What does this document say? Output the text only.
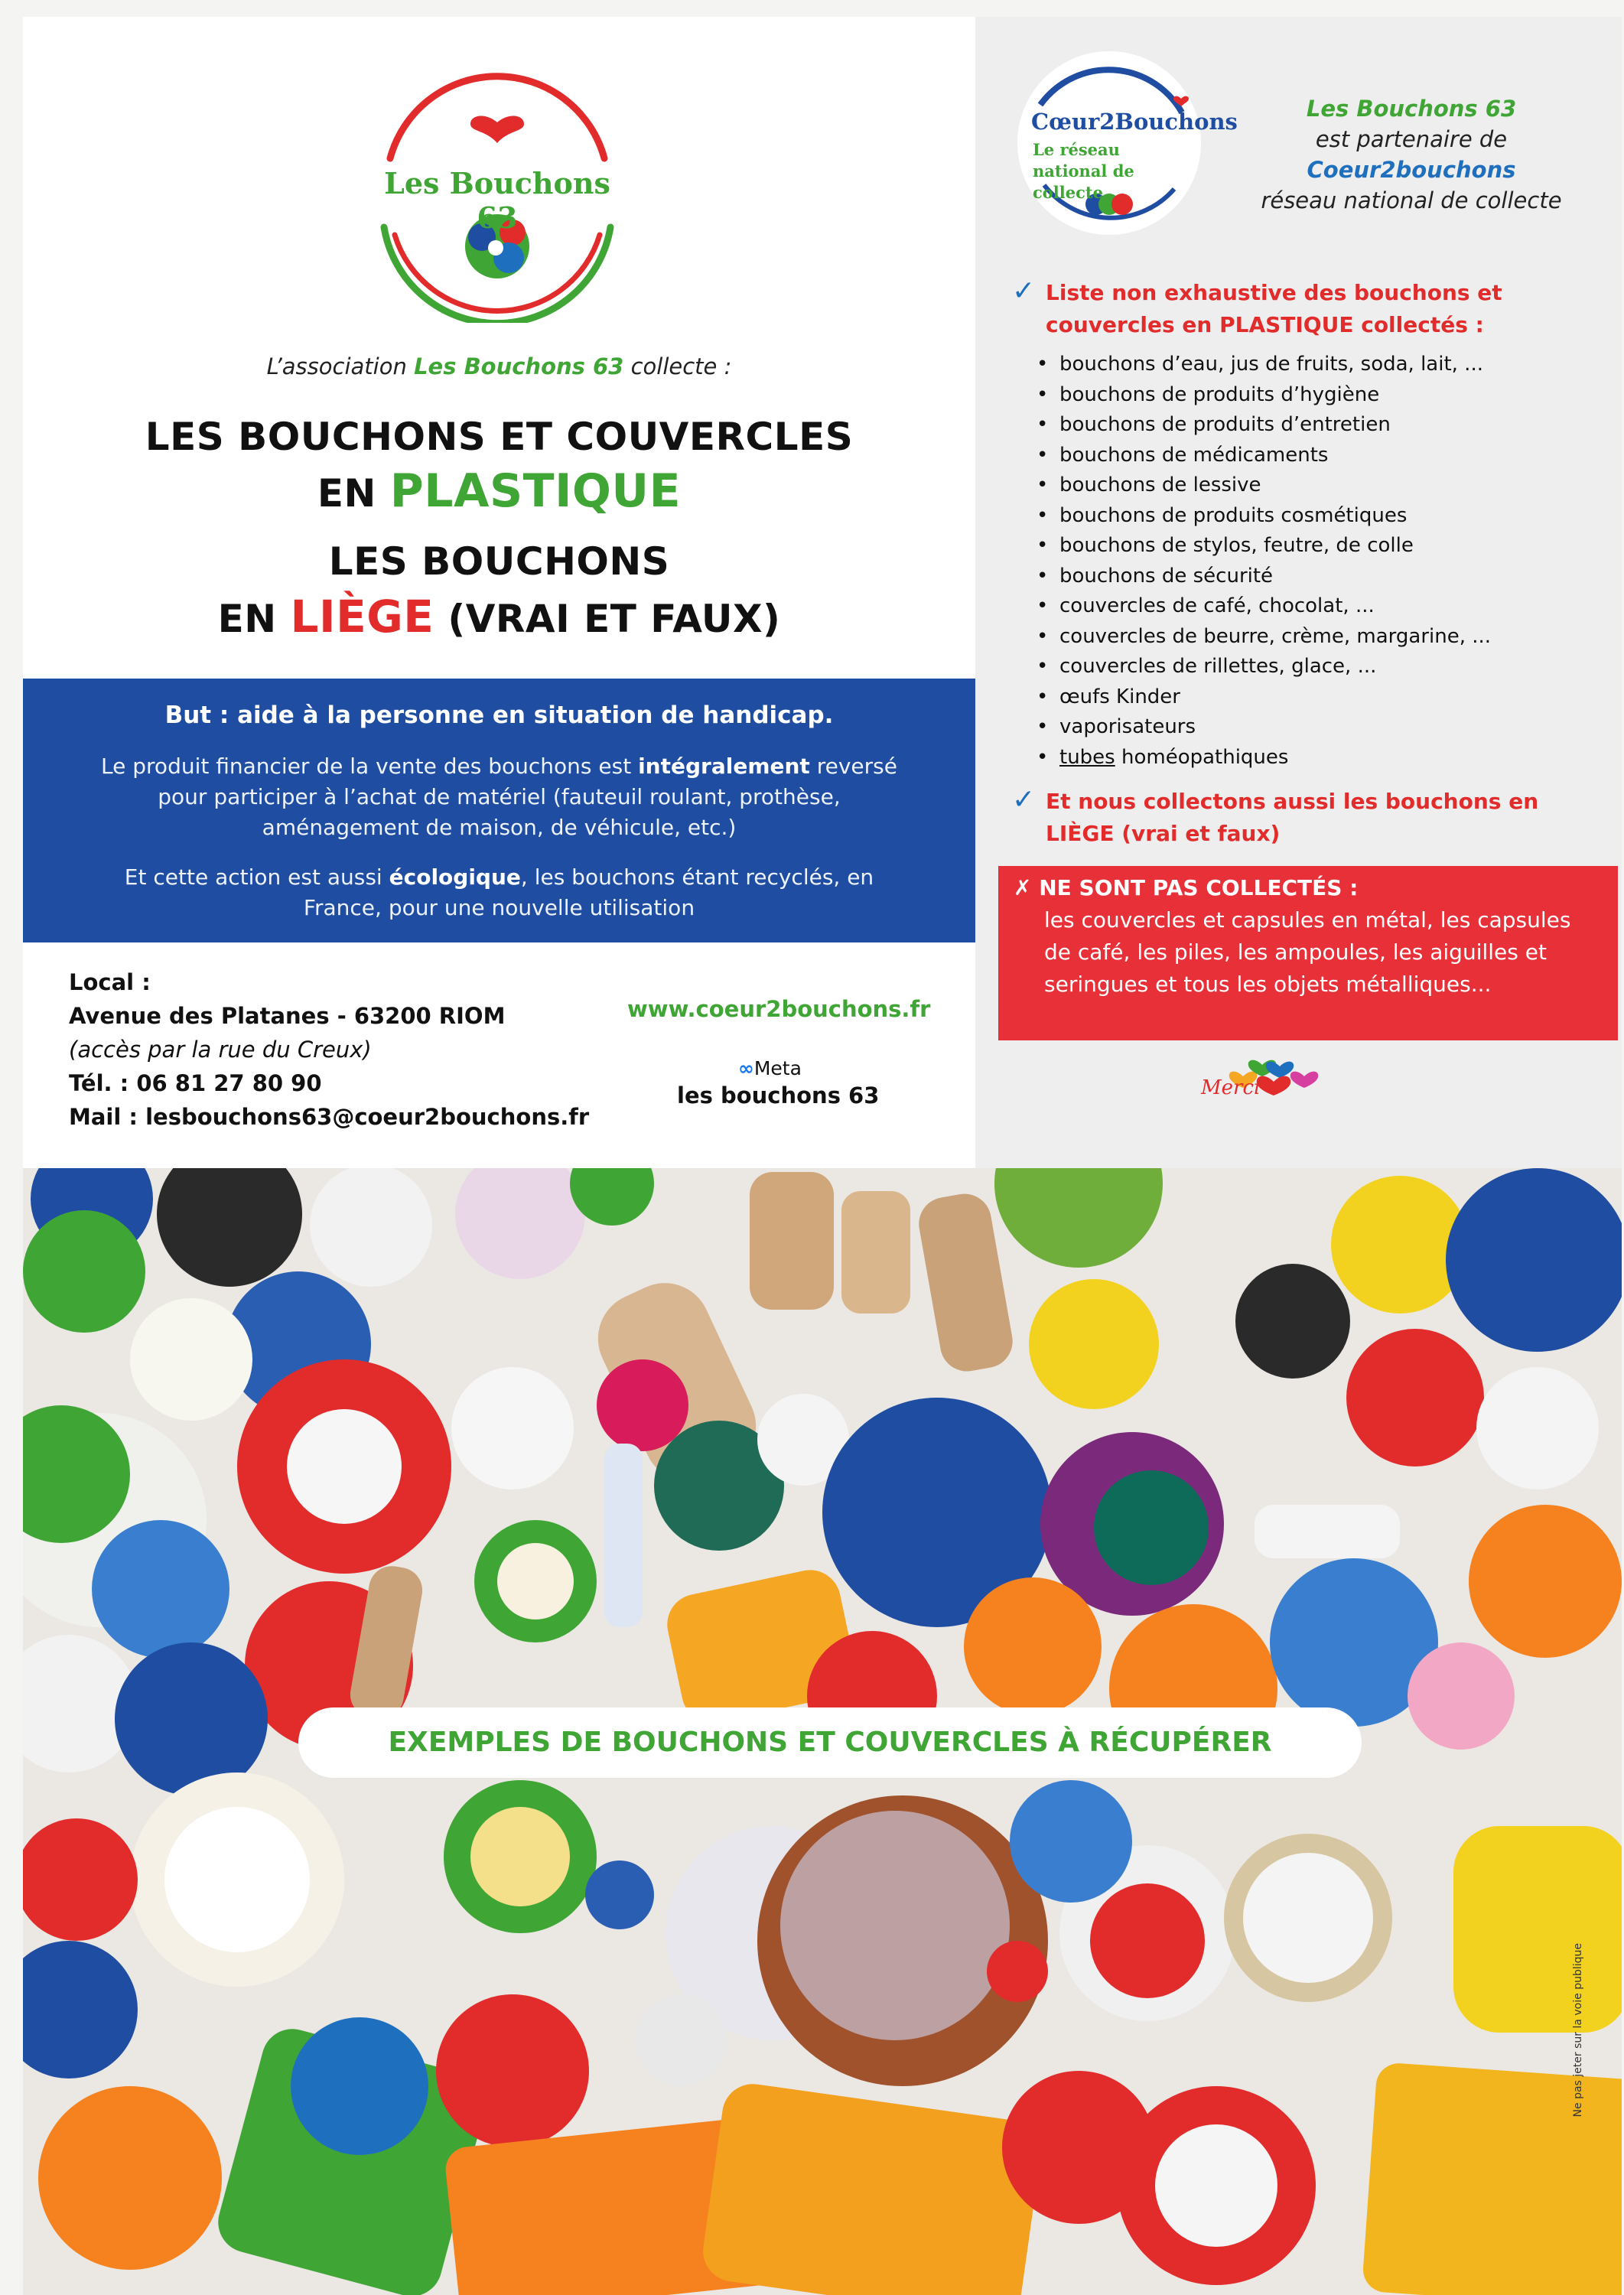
Les Bouchons 63
L’association Les Bouchons 63 collecte :
LES BOUCHONS ET COUVERCLES
EN PLASTIQUE
LES BOUCHONS
EN LIÈGE (VRAI ET FAUX)
But : aide à la personne en situation de handicap.
Le produit financier de la vente des bouchons est intégralement reversé pour participer à l’achat de matériel (fauteuil roulant, prothèse, aménagement de maison, de véhicule, etc.)
Et cette action est aussi écologique, les bouchons étant recyclés, en France, pour une nouvelle utilisation
Local :
Avenue des Platanes - 63200 RIOM
(accès par la rue du Creux)
Tél. : 06 81 27 80 90
Mail : lesbouchons63@coeur2bouchons.fr
www.coeur2bouchons.fr
∞Meta
les bouchons 63
Cœur2Bouchons
Le réseau national de collecte
Les Bouchons 63
est partenaire de
Coeur2bouchons
réseau national de collecte
✓ Liste non exhaustive des bouchons et couvercles en PLASTIQUE collectés :
• bouchons d’eau, jus de fruits, soda, lait, ...
• bouchons de produits d’hygiène
• bouchons de produits d’entretien
• bouchons de médicaments
• bouchons de lessive
• bouchons de produits cosmétiques
• bouchons de stylos, feutre, de colle
• bouchons de sécurité
• couvercles de café, chocolat, ...
• couvercles de beurre, crème, margarine, ...
• couvercles de rillettes, glace, ...
• œufs Kinder
• vaporisateurs
• tubes homéopathiques
✓ Et nous collectons aussi les bouchons en LIÈGE (vrai et faux)
✗ NE SONT PAS COLLECTÉS :
les couvercles et capsules en métal, les capsules de café, les piles, les ampoules, les aiguilles et seringues et tous les objets métalliques...
Merci
EXEMPLES DE BOUCHONS ET COUVERCLES À RÉCUPÉRER
Ne pas jeter sur la voie publique
